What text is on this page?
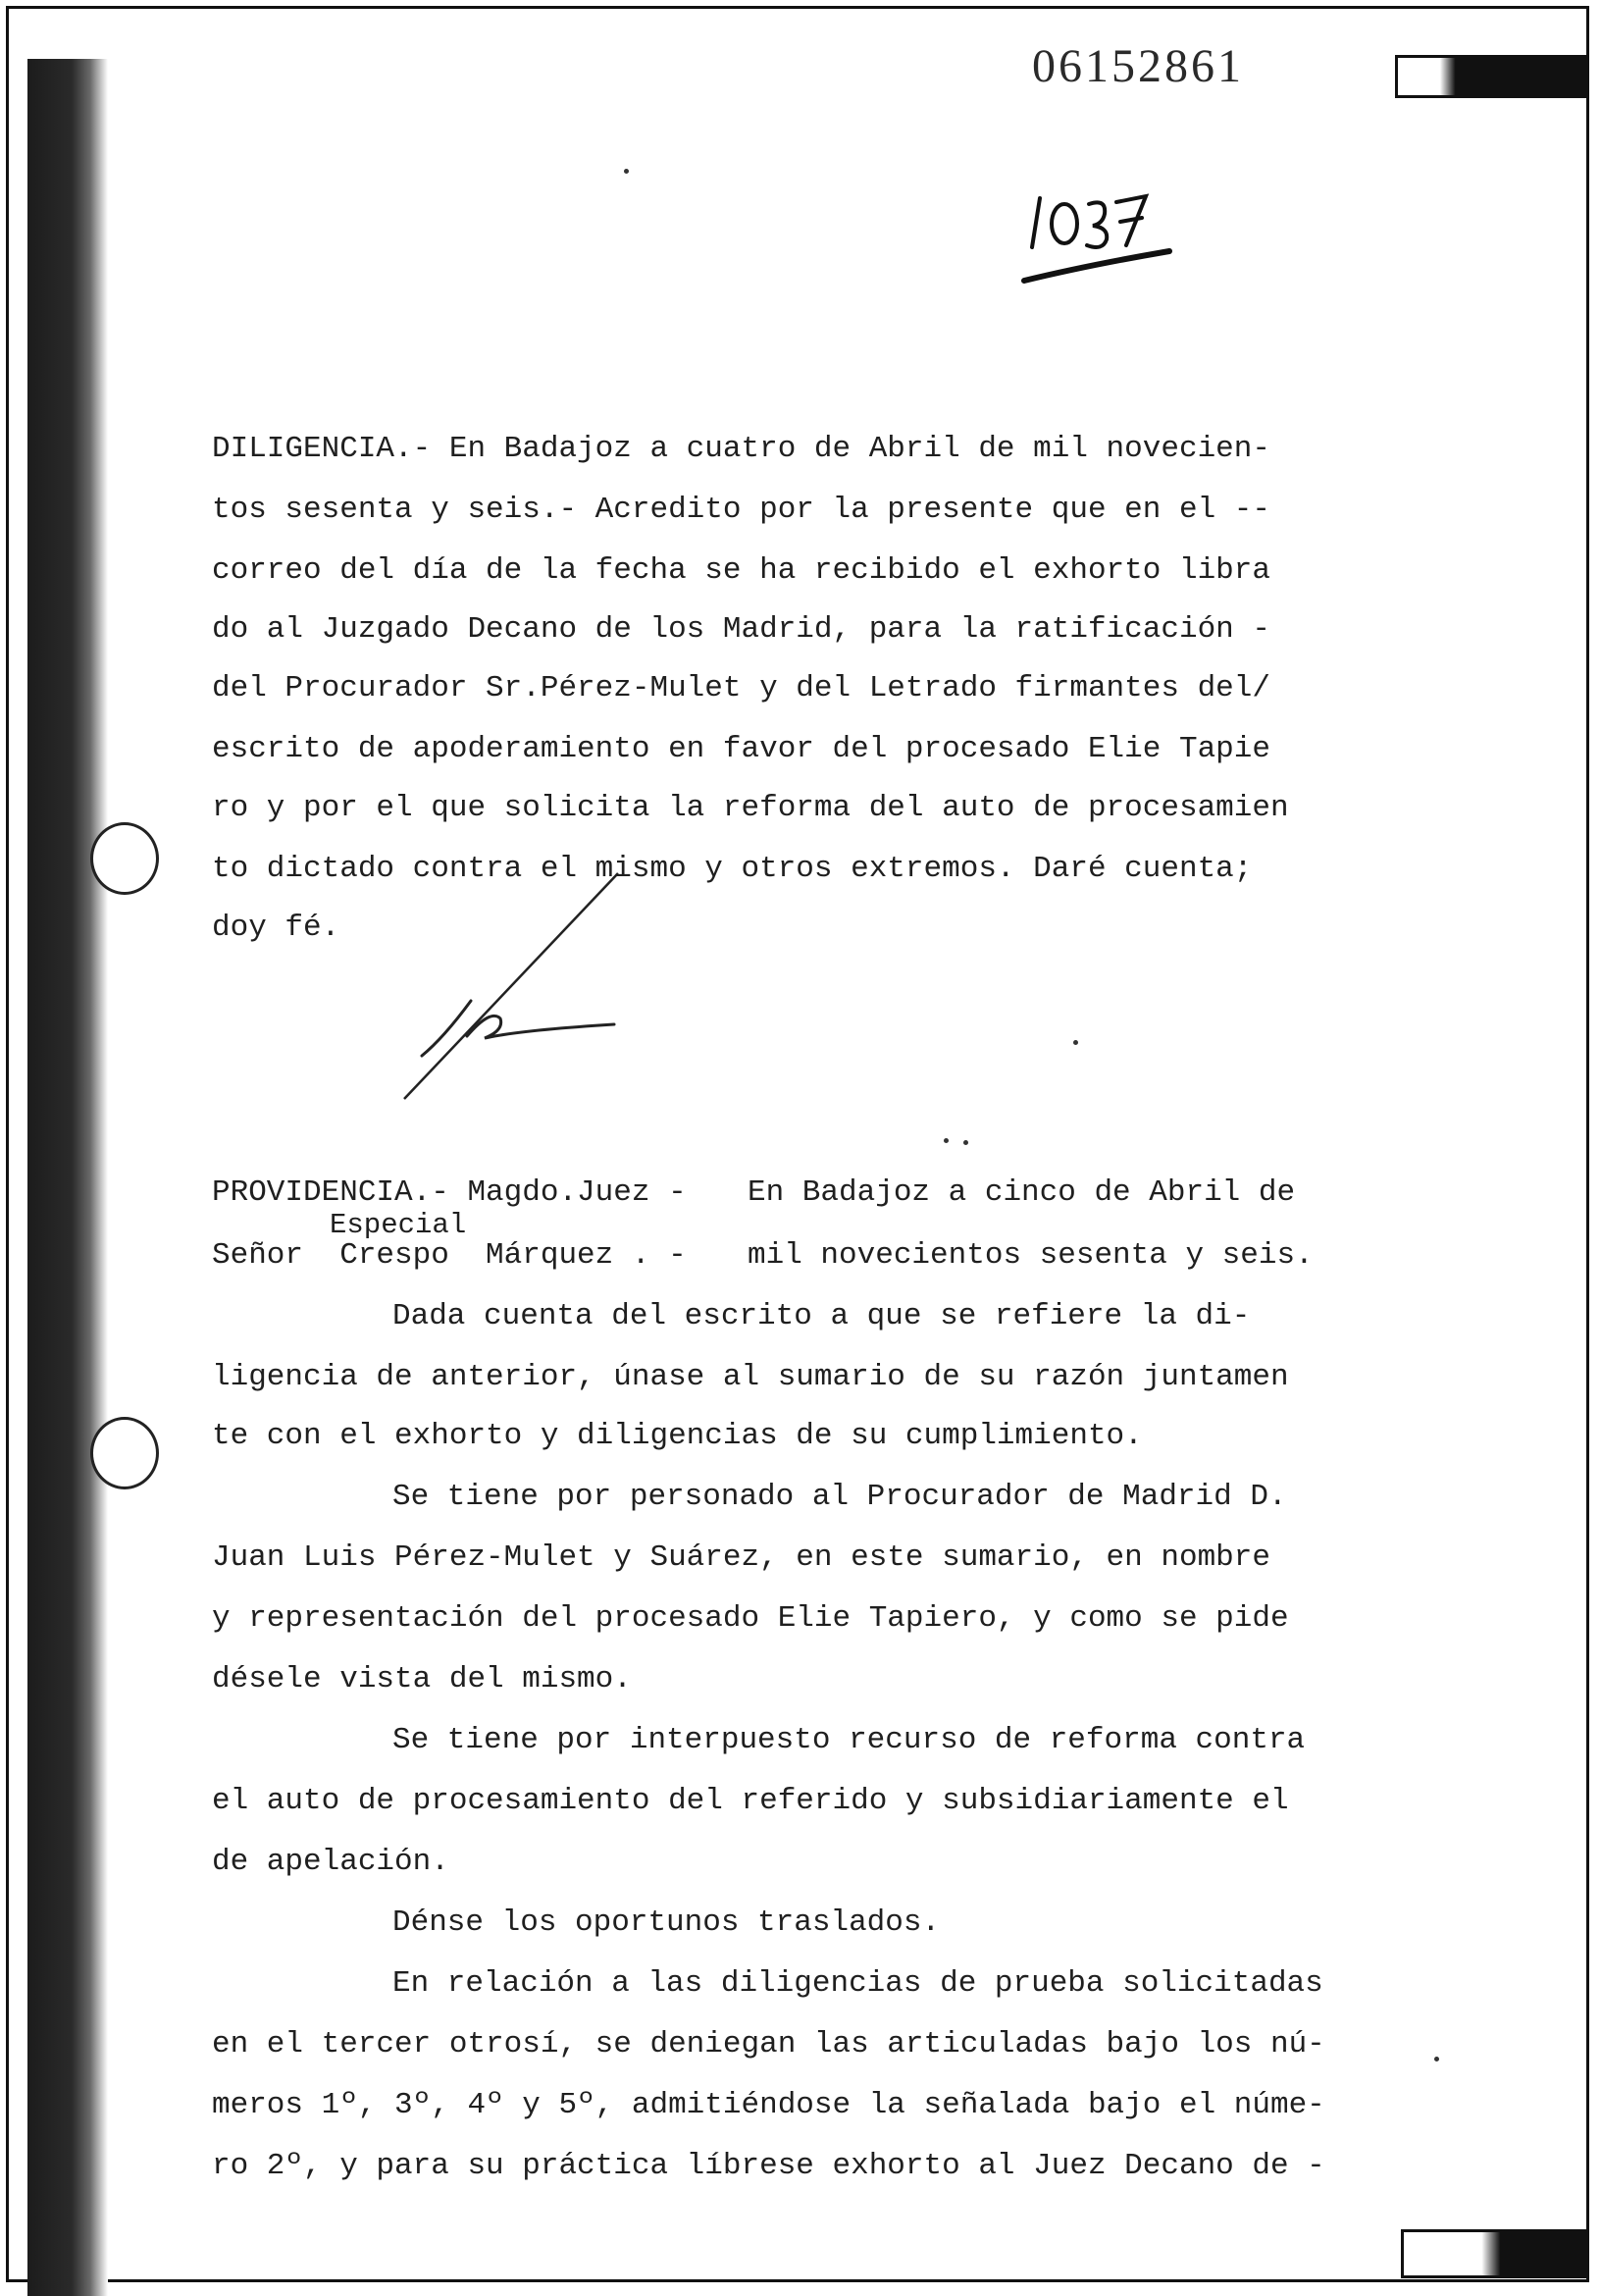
06152861
DILIGENCIA.- En Badajoz a cuatro de Abril de mil novecien-
tos sesenta y seis.- Acredito por la presente que en el --
correo del día de la fecha se ha recibido el exhorto libra
do al Juzgado Decano de los Madrid, para la ratificación -
del Procurador Sr.Pérez-Mulet y del Letrado firmantes del/
escrito de apoderamiento en favor del procesado Elie Tapie
ro y por el que solicita la reforma del auto de procesamien
to dictado contra el mismo y otros extremos. Daré cuenta;
doy fé.
PROVIDENCIA.- Magdo.Juez -
Especial
Señor  Crespo  Márquez . -
En Badajoz a cinco de Abril de
mil novecientos sesenta y seis.
Dada cuenta del escrito a que se refiere la di-
ligencia de anterior, únase al sumario de su razón juntamen
te con el exhorto y diligencias de su cumplimiento.
Se tiene por personado al Procurador de Madrid D.
Juan Luis Pérez-Mulet y Suárez, en este sumario, en nombre
y representación del procesado Elie Tapiero, y como se pide
désele vista del mismo.
Se tiene por interpuesto recurso de reforma contra
el auto de procesamiento del referido y subsidiariamente el
de apelación.
Dénse los oportunos traslados.
En relación a las diligencias de prueba solicitadas
en el tercer otrosí, se deniegan las articuladas bajo los nú-
meros 1º, 3º, 4º y 5º, admitiéndose la señalada bajo el núme-
ro 2º, y para su práctica líbrese exhorto al Juez Decano de -
